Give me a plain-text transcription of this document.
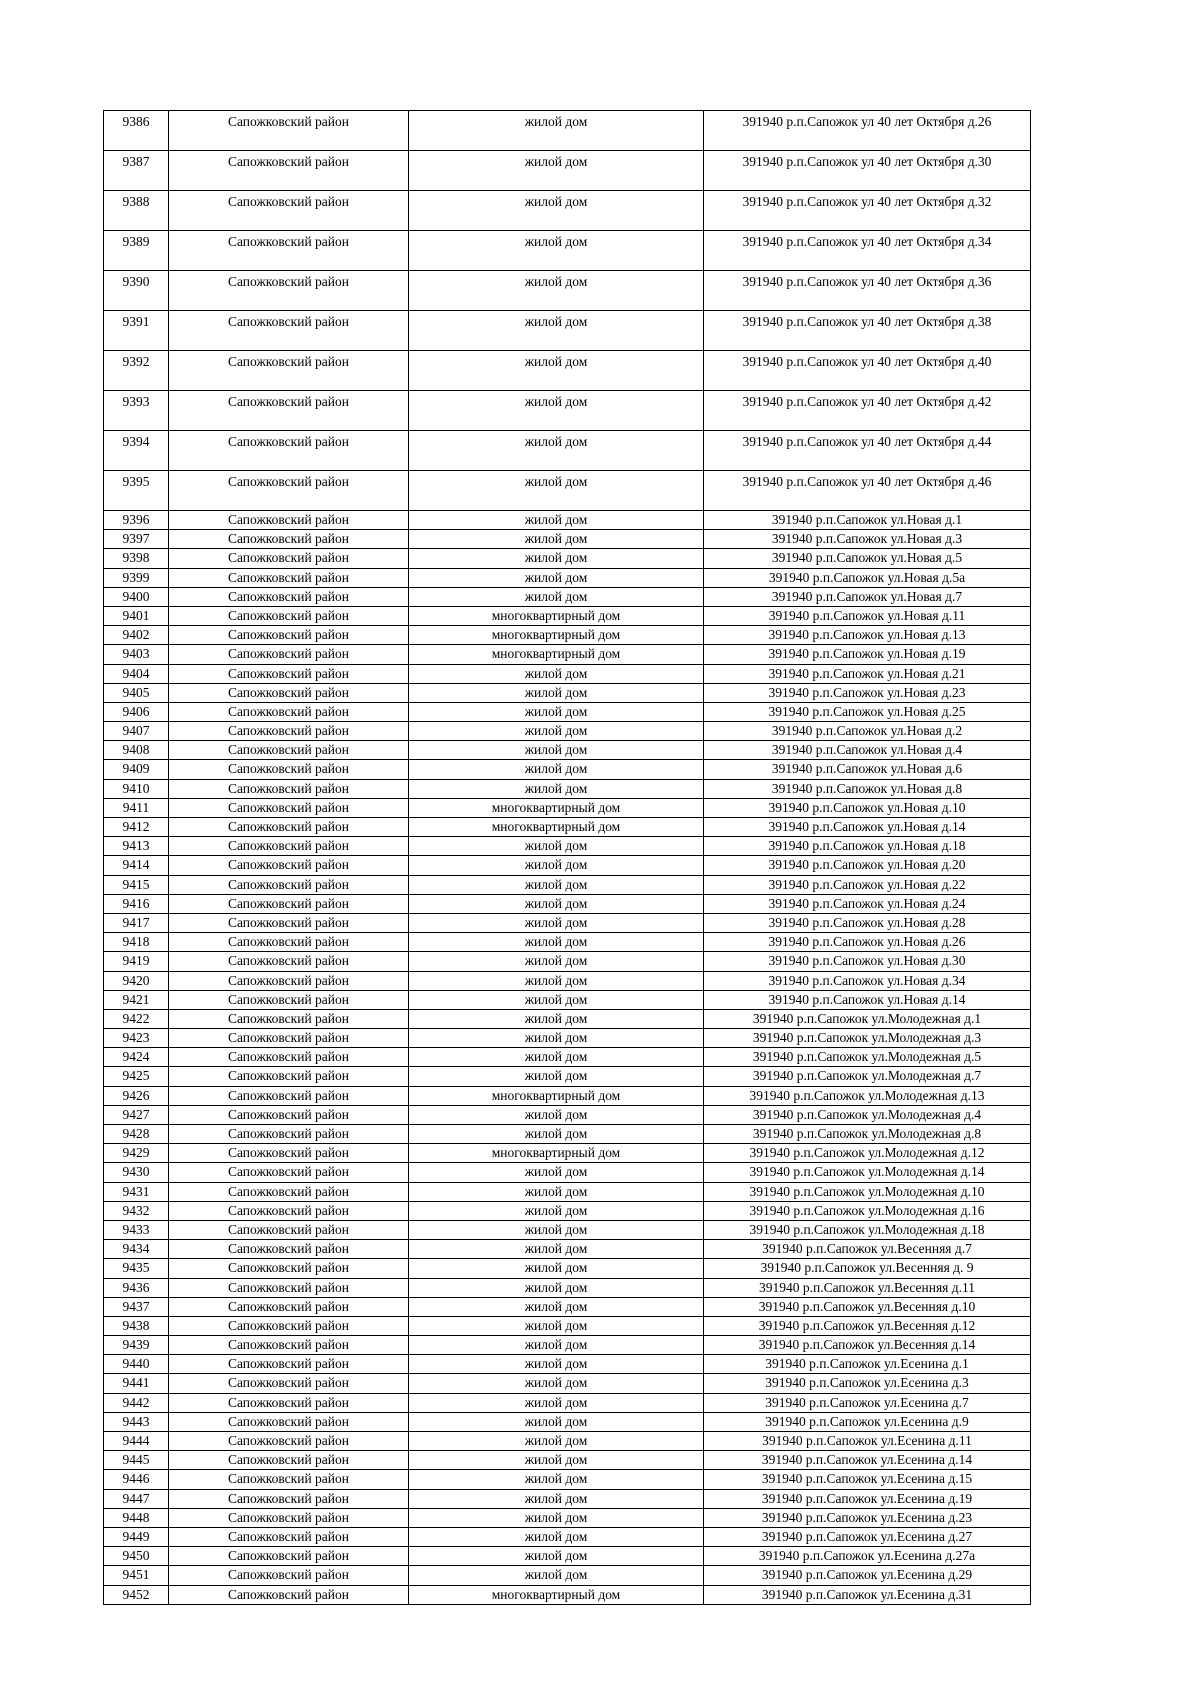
9386	Сапожковский район	жилой дом	391940 р.п.Сапожок ул 40 лет Октября д.26
9387	Сапожковский район	жилой дом	391940 р.п.Сапожок ул 40 лет Октября д.30
9388	Сапожковский район	жилой дом	391940 р.п.Сапожок ул 40 лет Октября д.32
9389	Сапожковский район	жилой дом	391940 р.п.Сапожок ул 40 лет Октября д.34
9390	Сапожковский район	жилой дом	391940 р.п.Сапожок ул 40 лет Октября д.36
9391	Сапожковский район	жилой дом	391940 р.п.Сапожок ул 40 лет Октября д.38
9392	Сапожковский район	жилой дом	391940 р.п.Сапожок ул 40 лет Октября д.40
9393	Сапожковский район	жилой дом	391940 р.п.Сапожок ул 40 лет Октября д.42
9394	Сапожковский район	жилой дом	391940 р.п.Сапожок ул 40 лет Октября д.44
9395	Сапожковский район	жилой дом	391940 р.п.Сапожок ул 40 лет Октября д.46
9396	Сапожковский район	жилой дом	391940 р.п.Сапожок ул.Новая д.1
9397	Сапожковский район	жилой дом	391940 р.п.Сапожок ул.Новая д.3
9398	Сапожковский район	жилой дом	391940 р.п.Сапожок ул.Новая д.5
9399	Сапожковский район	жилой дом	391940 р.п.Сапожок ул.Новая д.5а
9400	Сапожковский район	жилой дом	391940 р.п.Сапожок ул.Новая д.7
9401	Сапожковский район	многоквартирный дом	391940 р.п.Сапожок ул.Новая д.11
9402	Сапожковский район	многоквартирный дом	391940 р.п.Сапожок ул.Новая д.13
9403	Сапожковский район	многоквартирный дом	391940 р.п.Сапожок ул.Новая д.19
9404	Сапожковский район	жилой дом	391940 р.п.Сапожок ул.Новая д.21
9405	Сапожковский район	жилой дом	391940 р.п.Сапожок ул.Новая д.23
9406	Сапожковский район	жилой дом	391940 р.п.Сапожок ул.Новая д.25
9407	Сапожковский район	жилой дом	391940 р.п.Сапожок ул.Новая д.2
9408	Сапожковский район	жилой дом	391940 р.п.Сапожок ул.Новая д.4
9409	Сапожковский район	жилой дом	391940 р.п.Сапожок ул.Новая д.6
9410	Сапожковский район	жилой дом	391940 р.п.Сапожок ул.Новая д.8
9411	Сапожковский район	многоквартирный дом	391940 р.п.Сапожок ул.Новая д.10
9412	Сапожковский район	многоквартирный дом	391940 р.п.Сапожок ул.Новая д.14
9413	Сапожковский район	жилой дом	391940 р.п.Сапожок ул.Новая д.18
9414	Сапожковский район	жилой дом	391940 р.п.Сапожок ул.Новая д.20
9415	Сапожковский район	жилой дом	391940 р.п.Сапожок ул.Новая д.22
9416	Сапожковский район	жилой дом	391940 р.п.Сапожок ул.Новая д.24
9417	Сапожковский район	жилой дом	391940 р.п.Сапожок ул.Новая д.28
9418	Сапожковский район	жилой дом	391940 р.п.Сапожок ул.Новая д.26
9419	Сапожковский район	жилой дом	391940 р.п.Сапожок ул.Новая д.30
9420	Сапожковский район	жилой дом	391940 р.п.Сапожок ул.Новая д.34
9421	Сапожковский район	жилой дом	391940 р.п.Сапожок ул.Новая д.14
9422	Сапожковский район	жилой дом	391940 р.п.Сапожок ул.Молодежная д.1
9423	Сапожковский район	жилой дом	391940 р.п.Сапожок ул.Молодежная д.3
9424	Сапожковский район	жилой дом	391940 р.п.Сапожок ул.Молодежная д.5
9425	Сапожковский район	жилой дом	391940 р.п.Сапожок ул.Молодежная д.7
9426	Сапожковский район	многоквартирный дом	391940 р.п.Сапожок ул.Молодежная д.13
9427	Сапожковский район	жилой дом	391940 р.п.Сапожок ул.Молодежная д.4
9428	Сапожковский район	жилой дом	391940 р.п.Сапожок ул.Молодежная д.8
9429	Сапожковский район	многоквартирный дом	391940 р.п.Сапожок ул.Молодежная д.12
9430	Сапожковский район	жилой дом	391940 р.п.Сапожок ул.Молодежная д.14
9431	Сапожковский район	жилой дом	391940 р.п.Сапожок ул.Молодежная д.10
9432	Сапожковский район	жилой дом	391940 р.п.Сапожок ул.Молодежная д.16
9433	Сапожковский район	жилой дом	391940 р.п.Сапожок ул.Молодежная д.18
9434	Сапожковский район	жилой дом	391940 р.п.Сапожок ул.Весенняя д.7
9435	Сапожковский район	жилой дом	391940 р.п.Сапожок ул.Весенняя д. 9
9436	Сапожковский район	жилой дом	391940 р.п.Сапожок ул.Весенняя д.11
9437	Сапожковский район	жилой дом	391940 р.п.Сапожок ул.Весенняя д.10
9438	Сапожковский район	жилой дом	391940 р.п.Сапожок ул.Весенняя д.12
9439	Сапожковский район	жилой дом	391940 р.п.Сапожок ул.Весенняя д.14
9440	Сапожковский район	жилой дом	391940 р.п.Сапожок ул.Есенина д.1
9441	Сапожковский район	жилой дом	391940 р.п.Сапожок ул.Есенина д.3
9442	Сапожковский район	жилой дом	391940 р.п.Сапожок ул.Есенина д.7
9443	Сапожковский район	жилой дом	391940 р.п.Сапожок ул.Есенина д.9
9444	Сапожковский район	жилой дом	391940 р.п.Сапожок ул.Есенина д.11
9445	Сапожковский район	жилой дом	391940 р.п.Сапожок ул.Есенина д.14
9446	Сапожковский район	жилой дом	391940 р.п.Сапожок ул.Есенина д.15
9447	Сапожковский район	жилой дом	391940 р.п.Сапожок ул.Есенина д.19
9448	Сапожковский район	жилой дом	391940 р.п.Сапожок ул.Есенина д.23
9449	Сапожковский район	жилой дом	391940 р.п.Сапожок ул.Есенина д.27
9450	Сапожковский район	жилой дом	391940 р.п.Сапожок ул.Есенина д.27а
9451	Сапожковский район	жилой дом	391940 р.п.Сапожок ул.Есенина д.29
9452	Сапожковский район	многоквартирный дом	391940 р.п.Сапожок ул.Есенина д.31
